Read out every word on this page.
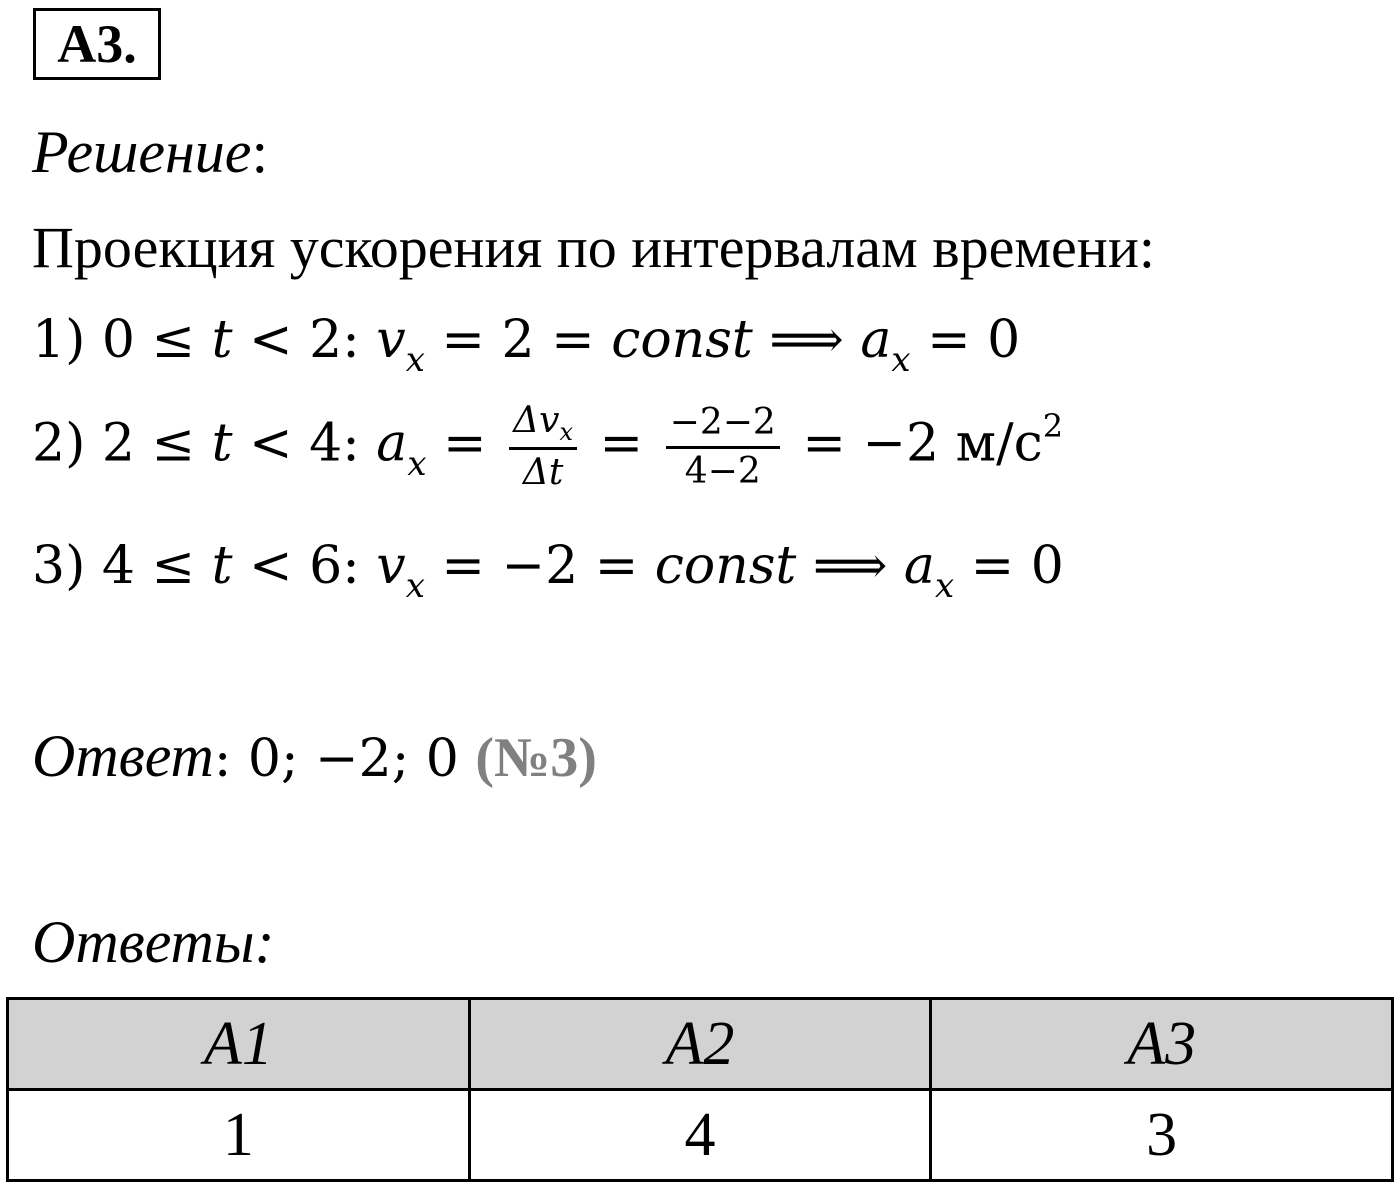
А3.
Решение:
Проекция ускорения по интервалам времени:
1) 0 ≤ t < 2: $v_x = 2$ = const ⟹ $a_x = 0$
2) 2 ≤ t < 4: $a_x = \frac{\Delta v_x}{\Delta t} = \frac{-2-2}{4-2} = -2$ $м/с^2$
3) 4 ≤ t < 6: $v_x = -2$ = const ⟹ $a_x = 0$
Ответ: 0; −2; 0 (№3)
Ответы:
А1	А2	А3
1	4	3
